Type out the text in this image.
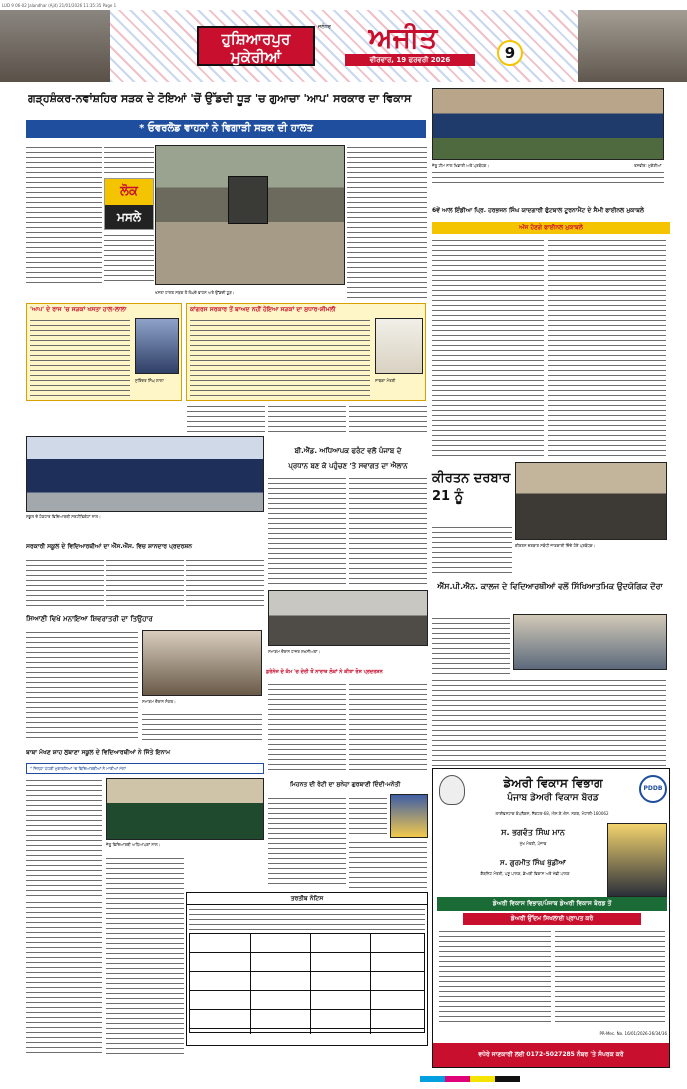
LUD 9 06-02 Jalandhar (Ajit) 21/01/2026 11:35:35 Page 1
ਹੁਸ਼ਿਆਰਪੁਰ ਮੁਕੇਰੀਆਂ
ਅਜੀਤ
ਜਲੰਧਰ
ਵੀਰਵਾਰ, 19 ਫਰਵਰੀ 2026	9
ਗੜ੍ਹਸ਼ੰਕਰ-ਨਵਾਂਸ਼ਹਿਰ ਸੜਕ ਦੇ ਟੋਇਆਂ 'ਚੋਂ ਉੱਡਦੀ ਧੂੜ 'ਚ ਗੁਆਚਾ 'ਆਪ' ਸਰਕਾਰ ਦਾ ਵਿਕਾਸ
* ਓਵਰਲੋਡ ਵਾਹਨਾਂ ਨੇ ਵਿਗਾੜੀ ਸੜਕ ਦੀ ਹਾਲਤ
ਲੋਕ
ਮਸਲੇ
ਖਸਤਾ ਹਾਲਤ ਸੜਕ ਤੋਂ ਲੰਘਦੇ ਵਾਹਨ ਅਤੇ ਉੱਡਦੀ ਧੂੜ।
'ਆਪ' ਦੇ ਰਾਜ 'ਚ ਸੜਕਾਂ ਖਸਤਾ ਹਾਲ-ਲਾਲਾ
ਸੁਰਿੰਦਰ ਸਿੰਘ ਲਾਲਾ
ਕਾਂਗਰਸ ਸਰਕਾਰ ਤੋਂ ਬਾਅਦ ਨਹੀਂ ਹੋਇਆ ਸੜਕਾਂ ਦਾ ਸੁਧਾਰ-ਸ਼ੀਮਲੀ
ਸਾਬਕਾ ਮੰਤਰੀ
ਜੇਤੂ ਟੀਮ ਨਾਲ ਖਿਡਾਰੀ ਅਤੇ ਪ੍ਰਬੰਧਕ।	ਤਸਵੀਰ: ਮੁਕੇਰੀਆਂ
6ਵੇਂ ਆਲ ਇੰਡੀਆ ਪ੍ਰਿ. ਹਰਭਜਨ ਸਿੰਘ ਯਾਦਗਾਰੀ ਫੁੱਟਬਾਲ ਟੂਰਨਾਮੈਂਟ ਦੇ ਸੈਮੀ ਫਾਈਨਲ ਮੁਕਾਬਲੇ
ਅੱਜ ਹੋਣਗੇ ਫਾਈਨਲ ਮੁਕਾਬਲੇ
ਕੀਰਤਨ ਦਰਬਾਰ 21 ਨੂੰ
ਕੀਰਤਨ ਦਰਬਾਰ ਸਬੰਧੀ ਜਾਣਕਾਰੀ ਦਿੰਦੇ ਹੋਏ ਪ੍ਰਬੰਧਕ।
ਐੱਸ.ਪੀ.ਐਨ. ਕਾਲਜ ਦੇ ਵਿਦਿਆਰਥੀਆਂ ਵਲੋਂ ਸਿੱਖਿਆਤਮਿਕ ਉਦਯੋਗਿਕ ਦੌਰਾ
ਬੀ.ਐੱਡ. ਅਧਿਆਪਕ ਫਰੰਟ ਵਲੋਂ ਪੰਜਾਬ ਦੇ
ਪ੍ਰਧਾਨ ਬਣ ਕੇ ਪਹੁੰਚਣ 'ਤੇ ਸਵਾਗਤ ਦਾ ਐਲਾਨ
ਸਮਾਗਮ ਦੌਰਾਨ ਹਾਜ਼ਰ ਸ਼ਖਸੀਅਤਾਂ।
ਡਰੇਨੇਜ ਦੇ ਕੰਮ 'ਚ ਦੇਰੀ ਤੋਂ ਨਾਰਾਜ਼ ਲੋਕਾਂ ਨੇ ਕੀਤਾ ਰੋਸ ਪ੍ਰਦਰਸ਼ਨ
ਮਿਹਨਤ ਦੀ ਰੋਟੀ ਦਾ ਸੁਨੇਹਾ ਗੁਰਬਾਣੀ ਦਿੰਦੀ-ਮਨੋਤੀ
ਸਕੂਲ ਦੇ ਹੋਣਹਾਰ ਵਿਦਿਆਰਥੀ ਸਰਟੀਫਿਕੇਟਾਂ ਨਾਲ।
ਸਰਕਾਰੀ ਸਕੂਲ ਦੇ ਵਿਦਿਆਰਥੀਆਂ ਦਾ ਐੱਸ.ਐੱਸ. ਵਿਚ ਸ਼ਾਨਦਾਰ ਪ੍ਰਦਰਸ਼ਨ
ਸਿਆਣੀ ਵਿਖੇ ਮਨਾਇਆ ਸ਼ਿਵਰਾਤਰੀ ਦਾ ਤਿਉਹਾਰ
ਸਮਾਗਮ ਦੌਰਾਨ ਸੰਗਤ।
ਬਾਬਾ ਮੱਖਣ ਸ਼ਾਹ ਲੁਬਾਣਾ ਸਕੂਲ ਦੇ ਵਿਦਿਆਰਥੀਆਂ ਨੇ ਜਿੱਤੇ ਇਨਾਮ
* ਜ਼ਿਲ੍ਹਾ ਪੱਧਰੀ ਮੁਕਾਬਲਿਆਂ 'ਚ ਵਿਦਿਆਰਥੀਆਂ ਨੇ ਮਾਰੀਆਂ ਮੱਲਾਂ
ਜੇਤੂ ਵਿਦਿਆਰਥੀ ਅਧਿਆਪਕਾਂ ਨਾਲ।
ਤਰਤੀਬ ਨੋਟਿਸ
PDDB
ਡੇਅਰੀ ਵਿਕਾਸ ਵਿਭਾਗ
ਪੰਜਾਬ ਡੇਅਰੀ ਵਿਕਾਸ ਬੋਰਡ
ਲਾਈਵਸਟਾਕ ਕੰਪਲੈਕਸ, ਸੈਕਟਰ-68, ਐਸ.ਏ.ਐਸ. ਨਗਰ, ਮੋਹਾਲੀ-160062
ਸ. ਭਗਵੰਤ ਸਿੰਘ ਮਾਨ
ਮੁੱਖ ਮੰਤਰੀ, ਪੰਜਾਬ
ਸ. ਗੁਰਮੀਤ ਸਿੰਘ ਖੁੱਡੀਆਂ
ਕੈਬਨਿਟ ਮੰਤਰੀ, ਪਸ਼ੂ ਪਾਲਣ, ਡੇਅਰੀ ਵਿਕਾਸ ਅਤੇ ਮੱਛੀ ਪਾਲਣ
ਡੇਅਰੀ ਵਿਕਾਸ ਵਿਭਾਗ/ਪੰਜਾਬ ਡੇਅਰੀ ਵਿਕਾਸ ਬੋਰਡ ਤੋਂ
ਡੇਅਰੀ ਉੱਦਮ ਸਿਖਲਾਈ ਪ੍ਰਾਪਤ ਕਰੋ
PR-Mec. No. 16/01/2026-26/34/36
ਵਧੇਰੇ ਜਾਣਕਾਰੀ ਲਈ 0172-5027285 ਨੰਬਰ 'ਤੇ ਸੰਪਰਕ ਕਰੋ
